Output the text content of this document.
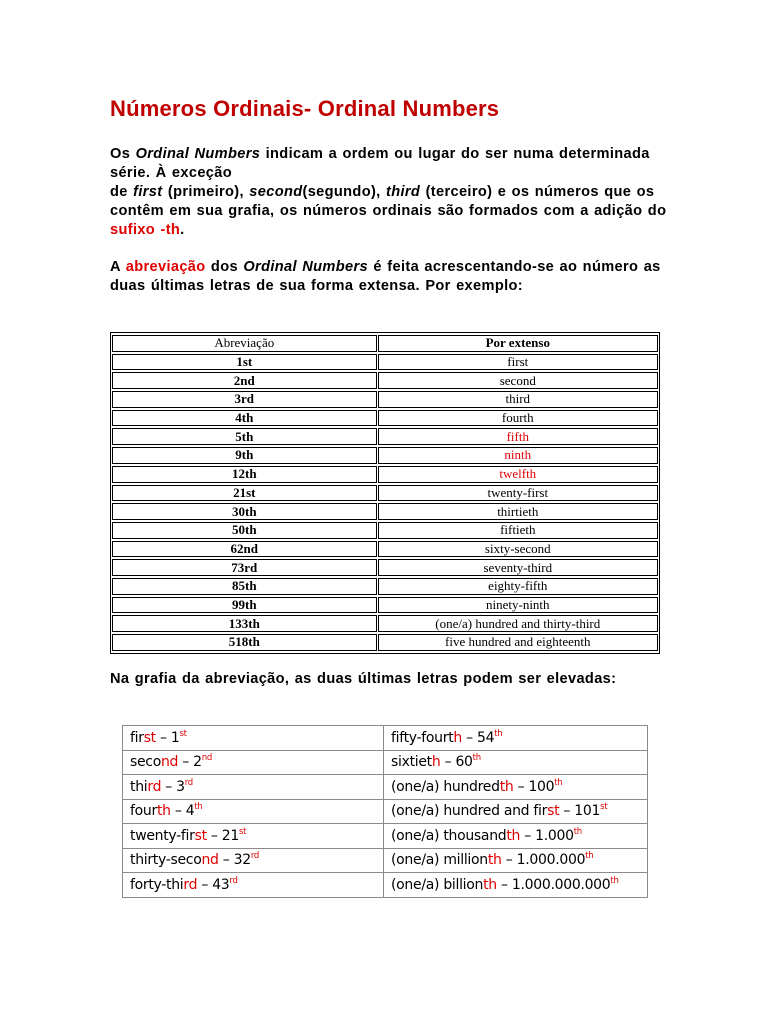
Números Ordinais- Ordinal Numbers
Os Ordinal Numbers indicam a ordem ou lugar do ser numa determinada série. À exceção
de first (primeiro), second(segundo), third (terceiro) e os números que os contêm em sua grafia, os números ordinais são formados com a adição do sufixo -th.
A abreviação dos Ordinal Numbers é feita acrescentando-se ao número as duas últimas letras de sua forma extensa. Por exemplo:
Abreviação	Por extenso
1st	first
2nd	second
3rd	third
4th	fourth
5th	fifth
9th	ninth
12th	twelfth
21st	twenty-first
30th	thirtieth
50th	fiftieth
62nd	sixty-second
73rd	seventy-third
85th	eighty-fifth
99th	ninety-ninth
133th	(one/a) hundred and thirty-third
518th	five hundred and eighteenth
Na grafia da abreviação, as duas últimas letras podem ser elevadas:
first – 1st	fifty-fourth – 54th
second – 2nd	sixtieth – 60th
third – 3rd	(one/a) hundredth – 100th
fourth – 4th	(one/a) hundred and first – 101st
twenty-first – 21st	(one/a) thousandth – 1.000th
thirty-second – 32rd	(one/a) millionth – 1.000.000th
forty-third – 43rd	(one/a) billionth – 1.000.000.000th
